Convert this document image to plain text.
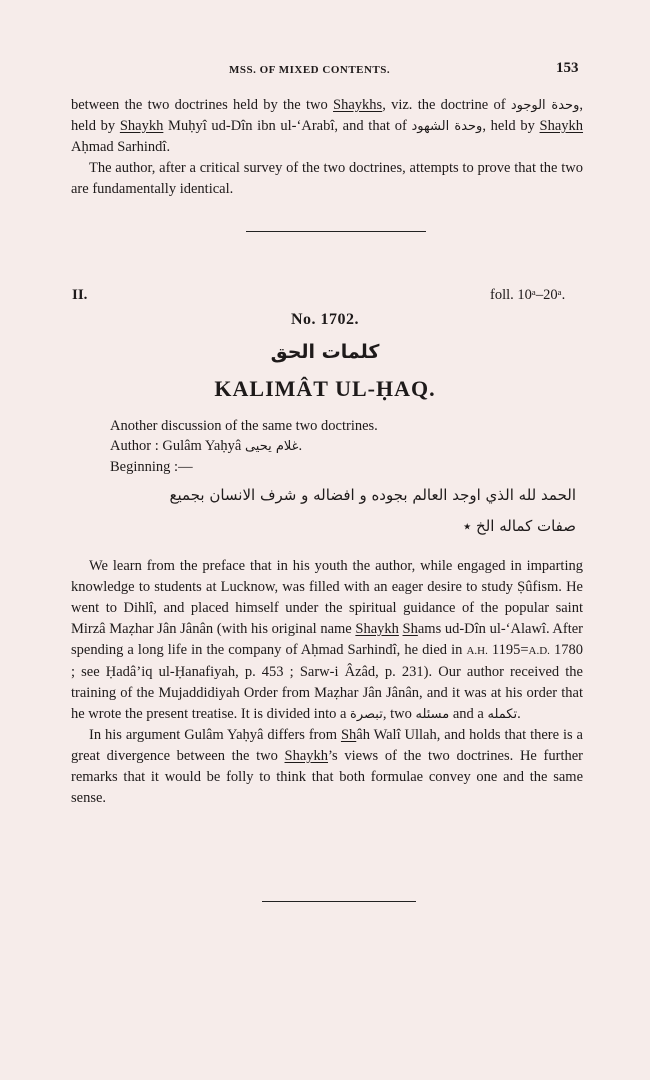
MSS. OF MIXED CONTENTS.	153

between the two doctrines held by the two Shaykhs, viz. the doctrine of وحدة الوجود, held by Shaykh Muḥyî ud-Dîn ibn ul-‘Arabî, and that of وحدة الشهود, held by Shaykh Aḥmad Sarhindî.

The author, after a critical survey of the two doctrines, attempts to prove that the two are fundamentally identical.

II.	foll. 10ᵃ–20ᵃ.
No. 1702.
كلمات الحق
KALIMÂT UL-ḤAQ.
Another discussion of the same two doctrines.
Author : Gulâm Yaḥyâ غلام يحيى.
Beginning :—
الحمد لله الذي اوجد العالم بجوده و افضاله و شرف الانسان بجميع
صفات كماله الخ ٭

We learn from the preface that in his youth the author, while engaged in imparting knowledge to students at Lucknow, was filled with an eager desire to study Ṣûfism. He went to Dihlî, and placed himself under the spiritual guidance of the popular saint Mirzâ Maẓhar Jân Jânân (with his original name Shaykh Shams ud-Dîn ul-‘Alawî. After spending a long life in the company of Aḥmad Sarhindî, he died in A.H. 1195=A.D. 1780 ; see Ḥadâ’iq ul-Ḥanafiyah, p. 453 ; Sarw-i Âzâd, p. 231). Our author received the training of the Mujaddidiyah Order from Maẓhar Jân Jânân, and it was at his order that he wrote the present treatise. It is divided into a تبصرة, two مسئله and a تكمله.

In his argument Gulâm Yaḥyâ differs from Shâh Walî Ullah, and holds that there is a great divergence between the two Shaykh’s views of the two doctrines. He further remarks that it would be folly to think that both formulae convey one and the same sense.
